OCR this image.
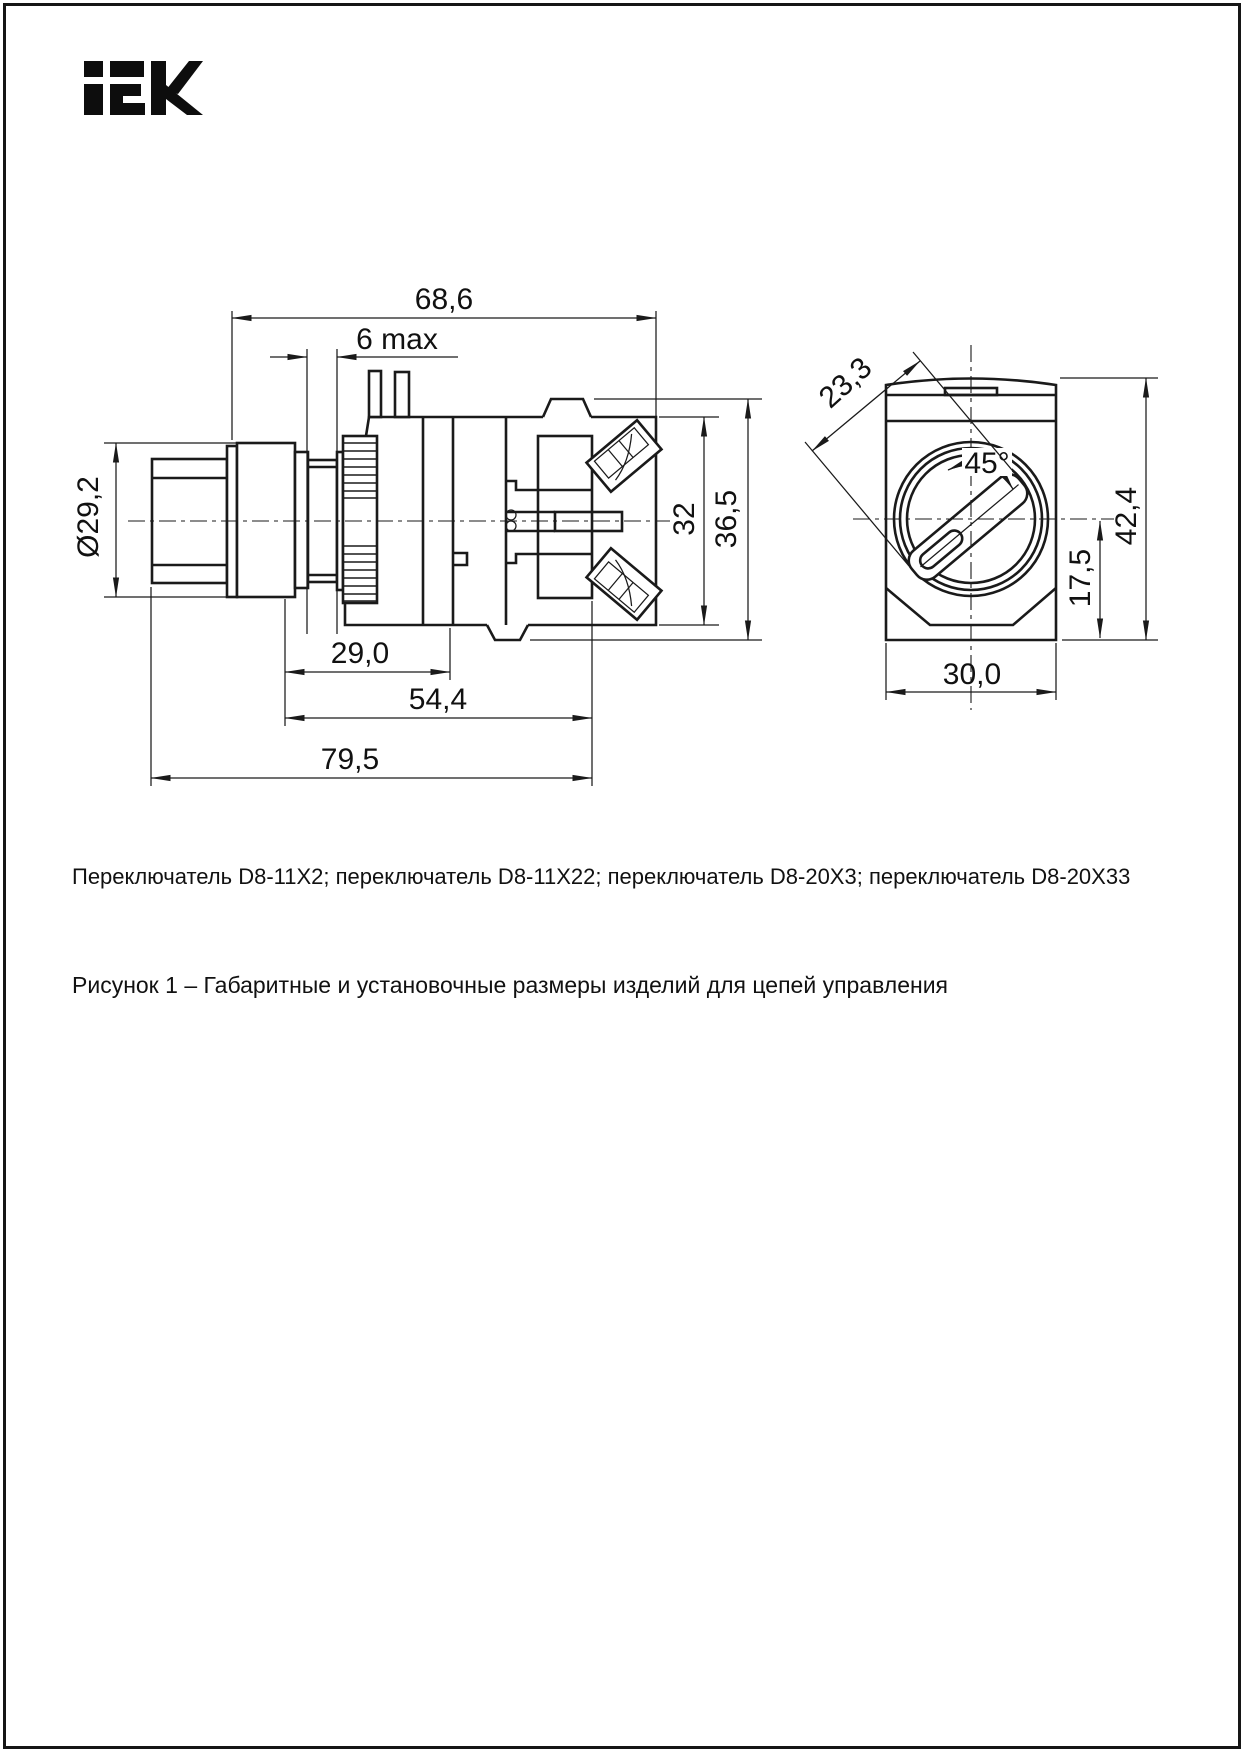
68,6
6 max
Ø29,2	32 36,5
29,0
54,4
79,5
45°
23,3
30,0
42,4
17,5
Переключатель D8-11X2; переключатель D8-11X22; переключатель D8-20X3; переключатель D8-20X33
Рисунок 1 – Габаритные и установочные размеры изделий для цепей управления
